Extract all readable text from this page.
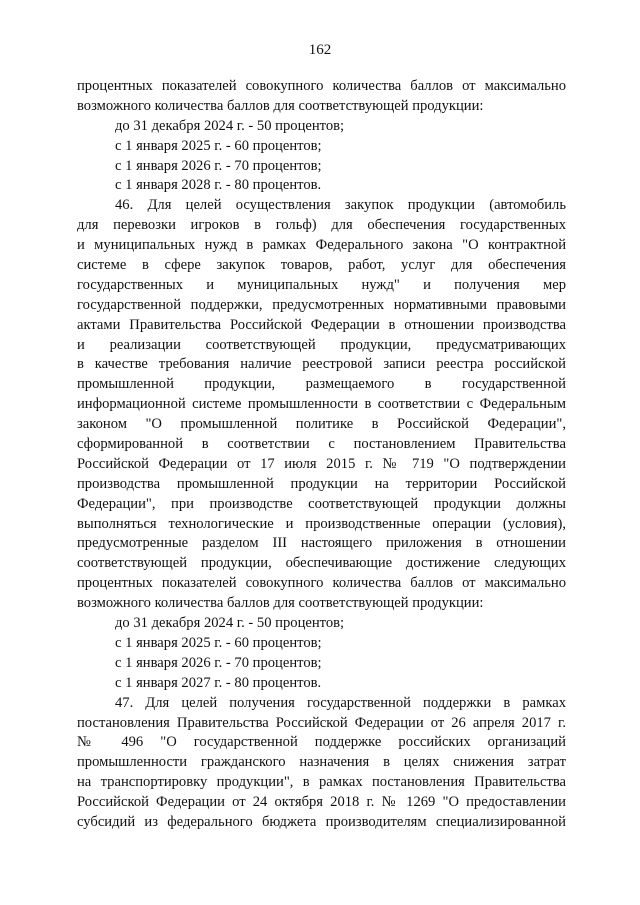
162
процентных показателей совокупного количества баллов от максимально
возможного количества баллов для соответствующей продукции:
до 31 декабря 2024 г. - 50 процентов;
с 1 января 2025 г. - 60 процентов;
с 1 января 2026 г. - 70 процентов;
с 1 января 2028 г. - 80 процентов.
46. Для целей осуществления закупок продукции (автомобиль
для перевозки игроков в гольф) для обеспечения государственных
и муниципальных нужд в рамках Федерального закона "О контрактной
системе в сфере закупок товаров, работ, услуг для обеспечения
государственных и муниципальных нужд" и получения мер
государственной поддержки, предусмотренных нормативными правовыми
актами Правительства Российской Федерации в отношении производства
и реализации соответствующей продукции, предусматривающих
в качестве требования наличие реестровой записи реестра российской
промышленной продукции, размещаемого в государственной
информационной системе промышленности в соответствии с Федеральным
законом "О промышленной политике в Российской Федерации",
сформированной в соответствии с постановлением Правительства
Российской Федерации от 17 июля 2015 г. № 719 "О подтверждении
производства промышленной продукции на территории Российской
Федерации", при производстве соответствующей продукции должны
выполняться технологические и производственные операции (условия),
предусмотренные разделом III настоящего приложения в отношении
соответствующей продукции, обеспечивающие достижение следующих
процентных показателей совокупного количества баллов от максимально
возможного количества баллов для соответствующей продукции:
до 31 декабря 2024 г. - 50 процентов;
с 1 января 2025 г. - 60 процентов;
с 1 января 2026 г. - 70 процентов;
с 1 января 2027 г. - 80 процентов.
47. Для целей получения государственной поддержки в рамках
постановления Правительства Российской Федерации от 26 апреля 2017 г.
№ 496 "О государственной поддержке российских организаций
промышленности гражданского назначения в целях снижения затрат
на транспортировку продукции", в рамках постановления Правительства
Российской Федерации от 24 октября 2018 г. № 1269 "О предоставлении
субсидий из федерального бюджета производителям специализированной
